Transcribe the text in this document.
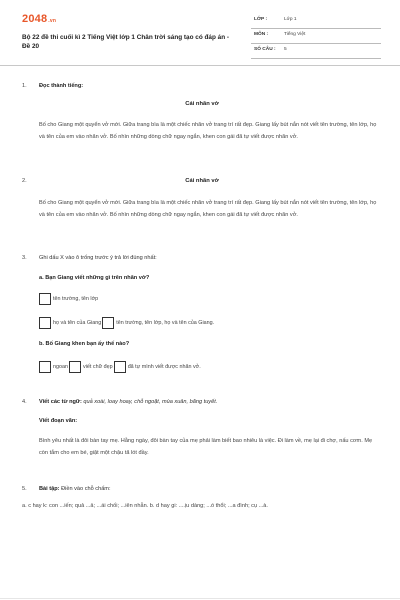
2048.vn
Bộ 22 đề thi cuối kì 2 Tiếng Việt lớp 1 Chân trời sáng tạo có đáp án - Đề 20
LỚP :	Lớp 1
MÔN :	Tiếng Việt
SỐ CÂU : 5
1. Đọc thành tiếng:
Cái nhãn vở
Bố cho Giang một quyển vở mới. Giữa trang bìa là một chiếc nhãn vở trang trí rất đẹp. Giang lấy bút nắn nót viết tên trường, tên lớp, họ và tên của em vào nhãn vở. Bố nhìn những dòng chữ ngay ngắn, khen con gái đã tự viết được nhãn vở.
2.	Cái nhãn vở
Bố cho Giang một quyển vở mới. Giữa trang bìa là một chiếc nhãn vở trang trí rất đẹp. Giang lấy bút nắn nót viết tên trường, tên lớp, họ và tên của em vào nhãn vở. Bố nhìn những dòng chữ ngay ngắn, khen con gái đã tự viết được nhãn vở.
3. Ghi dấu X vào ô trống trước ý trả lời đúng nhất:
a. Bạn Giang viết những gì trên nhãn vở?
tên trường, tên lớp
họ và tên của Giang	tên trường, tên lớp, họ và tên của Giang.
b. Bố Giang khen bạn ấy thế nào?
ngoan	viết chữ đẹp	đã tự mình viết được nhãn vở.
4. Viết các từ ngữ: quả xoài, loay hoay, chỗ ngoặt, mùa xuân, băng tuyết.
Viết đoạn văn:
Bình yêu nhất là đôi bàn tay mẹ. Hằng ngày, đôi bàn tay của mẹ phải làm biết bao nhiêu là việc. Đi làm về, mẹ lại đi chợ, nấu cơm. Mẹ còn tắm cho em bé, giặt một chậu tã lót đầy.
5. Bài tập: Điền vào chỗ chấm:
a. c hay k: con ...iến; quả ...ả; ...ái chối; ...iên nhẫn. b. d hay gi: ....ịu dàng; ...ó thổi; ...a đình; cụ ...à.
